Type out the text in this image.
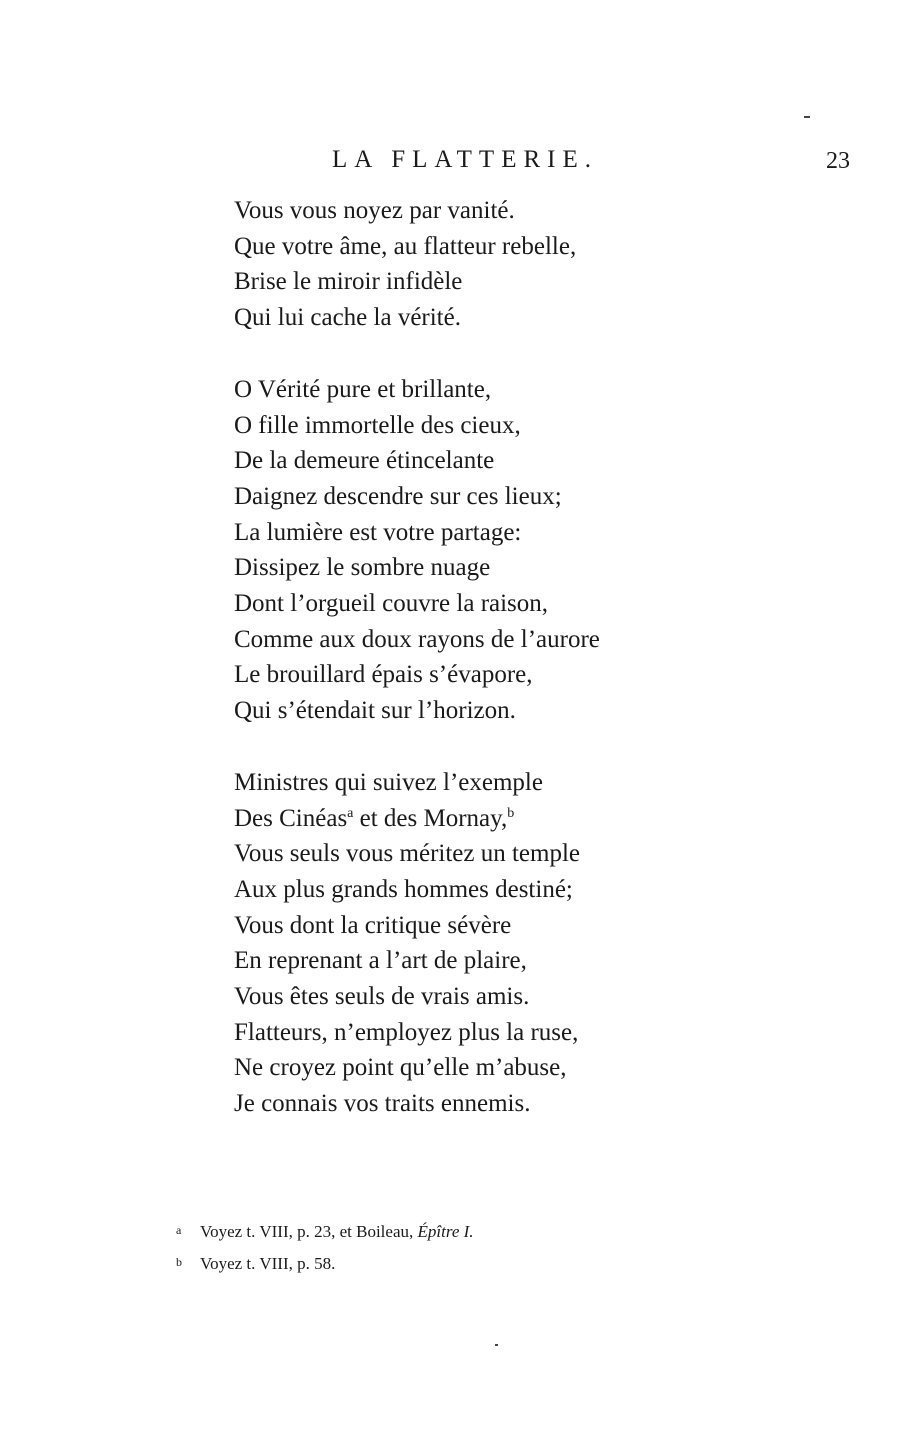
LA FLATTERIE.	23
Vous vous noyez par vanité.
Que votre âme, au flatteur rebelle,
Brise le miroir infidèle
Qui lui cache la vérité.
O Vérité pure et brillante,
O fille immortelle des cieux,
De la demeure étincelante
Daignez descendre sur ces lieux;
La lumière est votre partage:
Dissipez le sombre nuage
Dont l’orgueil couvre la raison,
Comme aux doux rayons de l’aurore
Le brouillard épais s’évapore,
Qui s’étendait sur l’horizon.
Ministres qui suivez l’exemple
Des Cinéas$^a$ et des Mornay,$^b$
Vous seuls vous méritez un temple
Aux plus grands hommes destiné;
Vous dont la critique sévère
En reprenant a l’art de plaire,
Vous êtes seuls de vrais amis.
Flatteurs, n’employez plus la ruse,
Ne croyez point qu’elle m’abuse,
Je connais vos traits ennemis.
a Voyez t. VIII, p. 23, et Boileau, Épître I.
b Voyez t. VIII, p. 58.
